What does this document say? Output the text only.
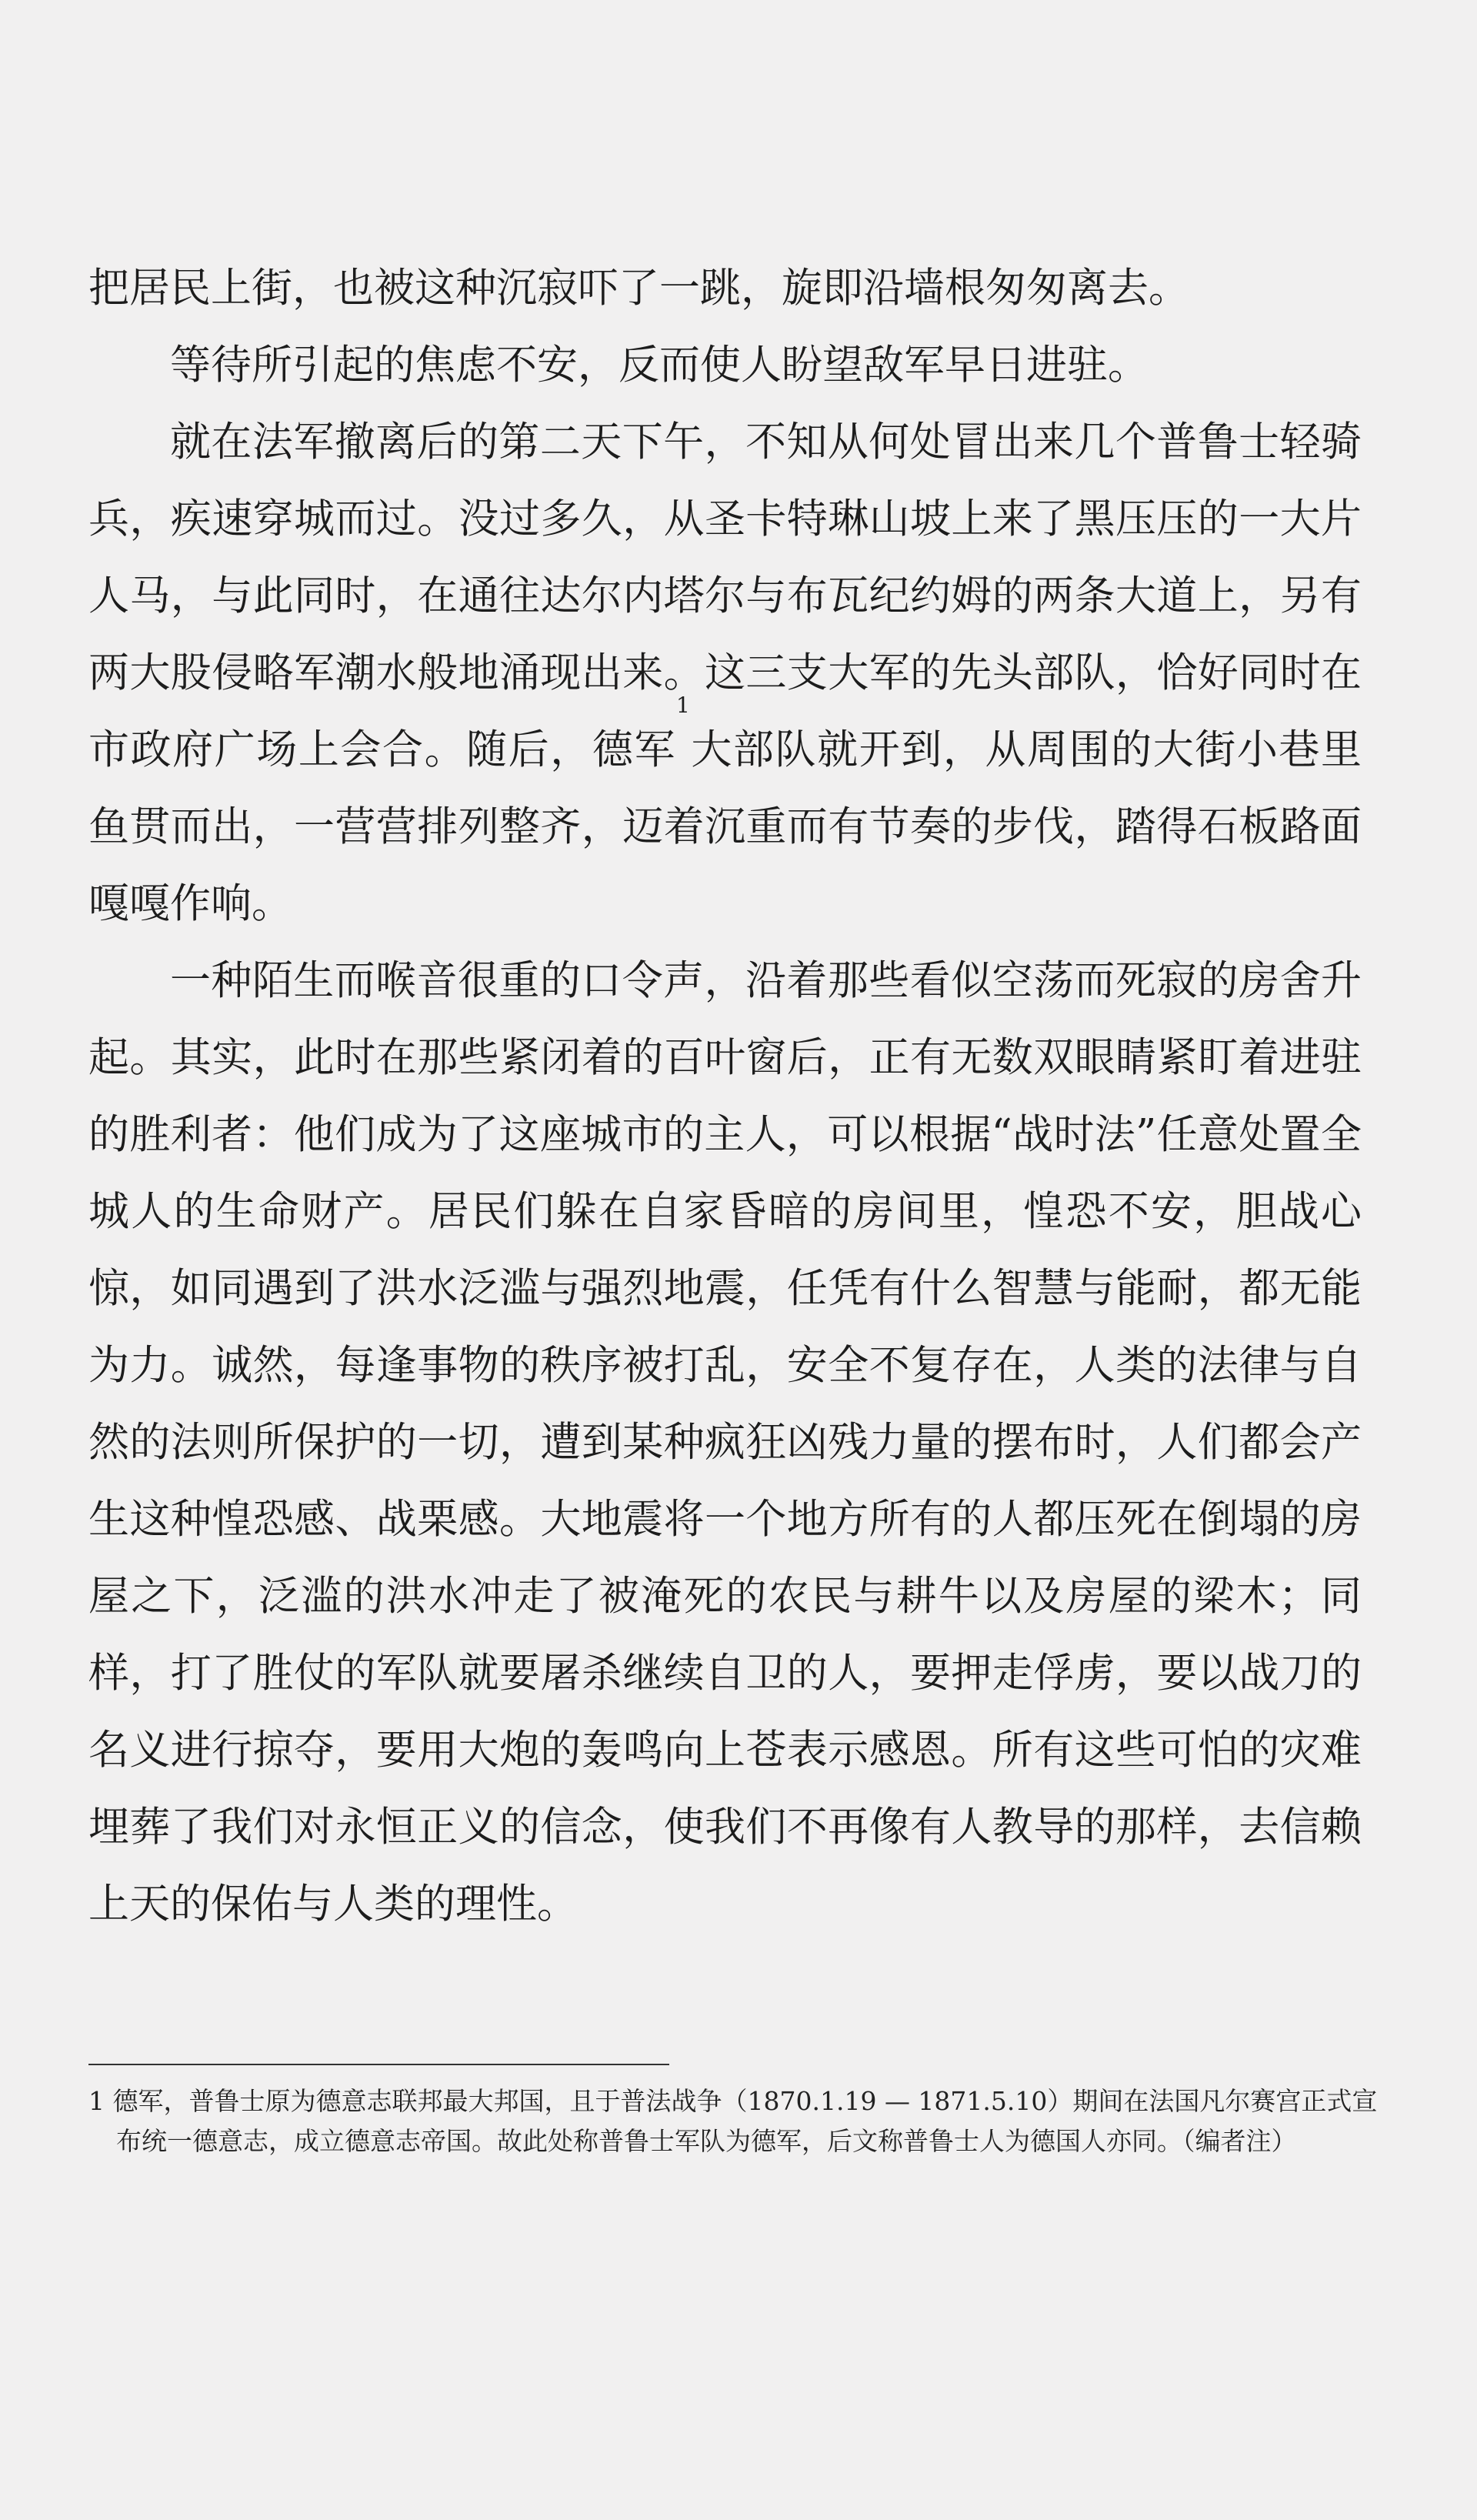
把居民上街，也被这种沉寂吓了一跳，旋即沿墙根匆匆离去。

等待所引起的焦虑不安，反而使人盼望敌军早日进驻。

就在法军撤离后的第二天下午，不知从何处冒出来几个普鲁士轻骑兵，疾速穿城而过。没过多久，从圣卡特琳山坡上来了黑压压的一大片人马，与此同时，在通往达尔内塔尔与布瓦纪约姆的两条大道上，另有两大股侵略军潮水般地涌现出来。这三支大军的先头部队，恰好同时在市政府广场上会合。随后，德军$^1$大部队就开到，从周围的大街小巷里鱼贯而出，一营营排列整齐，迈着沉重而有节奏的步伐，踏得石板路面嘎嘎作响。

一种陌生而喉音很重的口令声，沿着那些看似空荡而死寂的房舍升起。其实，此时在那些紧闭着的百叶窗后，正有无数双眼睛紧盯着进驻的胜利者：他们成为了这座城市的主人，可以根据“战时法”任意处置全城人的生命财产。居民们躲在自家昏暗的房间里，惶恐不安，胆战心惊，如同遇到了洪水泛滥与强烈地震，任凭有什么智慧与能耐，都无能为力。诚然，每逢事物的秩序被打乱，安全不复存在，人类的法律与自然的法则所保护的一切，遭到某种疯狂凶残力量的摆布时，人们都会产生这种惶恐感、战栗感。大地震将一个地方所有的人都压死在倒塌的房屋之下，泛滥的洪水冲走了被淹死的农民与耕牛以及房屋的梁木；同样，打了胜仗的军队就要屠杀继续自卫的人，要押走俘虏，要以战刀的名义进行掠夺，要用大炮的轰鸣向上苍表示感恩。所有这些可怕的灾难埋葬了我们对永恒正义的信念，使我们不再像有人教导的那样，去信赖上天的保佑与人类的理性。

1 德军，普鲁士原为德意志联邦最大邦国，且于普法战争（1870.1.19 — 1871.5.10）期间在法国凡尔赛宫正式宣布统一德意志，成立德意志帝国。故此处称普鲁士军队为德军，后文称普鲁士人为德国人亦同。（编者注）
